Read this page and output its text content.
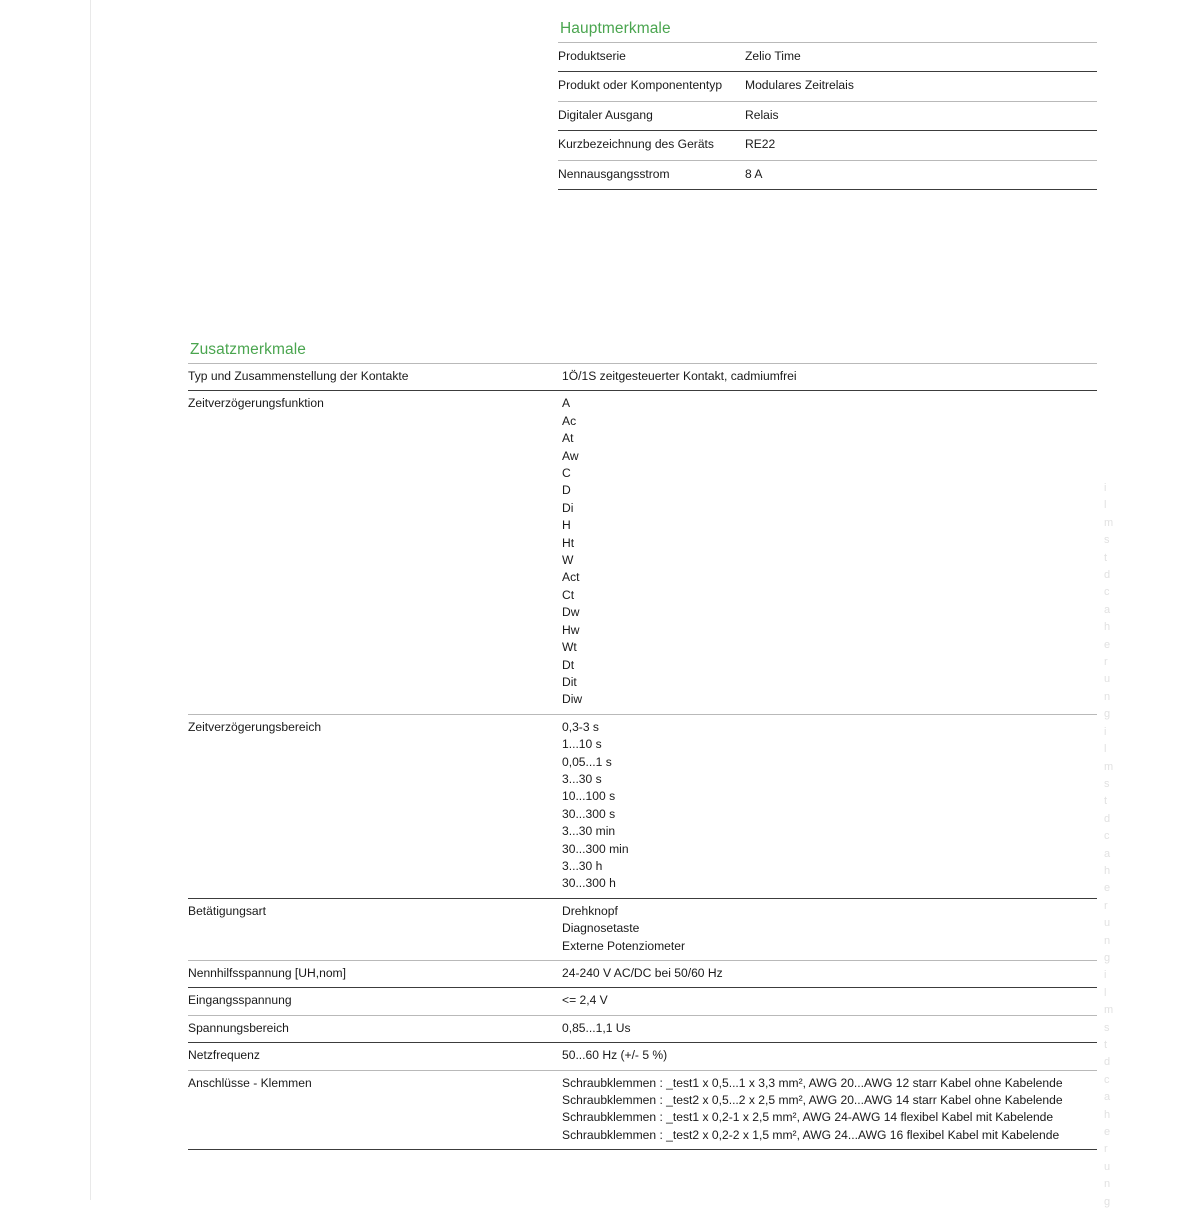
Hauptmerkmale
Produktserie	Zelio Time

Produkt oder Komponententyp	Modulares Zeitrelais

Digitaler Ausgang	Relais

Kurzbezeichnung des Geräts	RE22

Nennausgangsstrom	8 A
Zusatzmerkmale
Typ und Zusammenstellung der Kontakte	1Ö/1S zeitgesteuerter Kontakt, cadmiumfrei

Zeitverzögerungsfunktion	A
Ac
At
Aw
C
D
Di
H
Ht
W
Act
Ct
Dw
Hw
Wt
Dt
Dit
Diw

Zeitverzögerungsbereich	0,3-3 s
1...10 s
0,05...1 s
3...30 s
10...100 s
30...300 s
3...30 min
30...300 min
3...30 h
30...300 h

Betätigungsart	Drehknopf
Diagnosetaste
Externe Potenziometer

Nennhilfsspannung [UH,nom]	24-240 V AC/DC bei 50/60 Hz

Eingangsspannung	<= 2,4 V

Spannungsbereich	0,85...1,1 Us

Netzfrequenz	50...60 Hz (+/- 5 %)

Anschlüsse - Klemmen	Schraubklemmen : _test1 x 0,5...1 x 3,3 mm², AWG 20...AWG 12 starr Kabel ohne Kabelende
Schraubklemmen : _test2 x 0,5...2 x 2,5 mm², AWG 20...AWG 14 starr Kabel ohne Kabelende
Schraubklemmen : _test1 x 0,2-1 x 2,5 mm², AWG 24-AWG 14 flexibel Kabel mit Kabelende
Schraubklemmen : _test2 x 0,2-2 x 1,5 mm², AWG 24...AWG 16 flexibel Kabel mit Kabelende
i
l
m
s
t
d
c
a
h
e
r
u
n
g
i
l
m
s
t
d
c
a
h
e
r
u
n
g
i
l
m
s
t
d
c
a
h
e
r
u
n
g
